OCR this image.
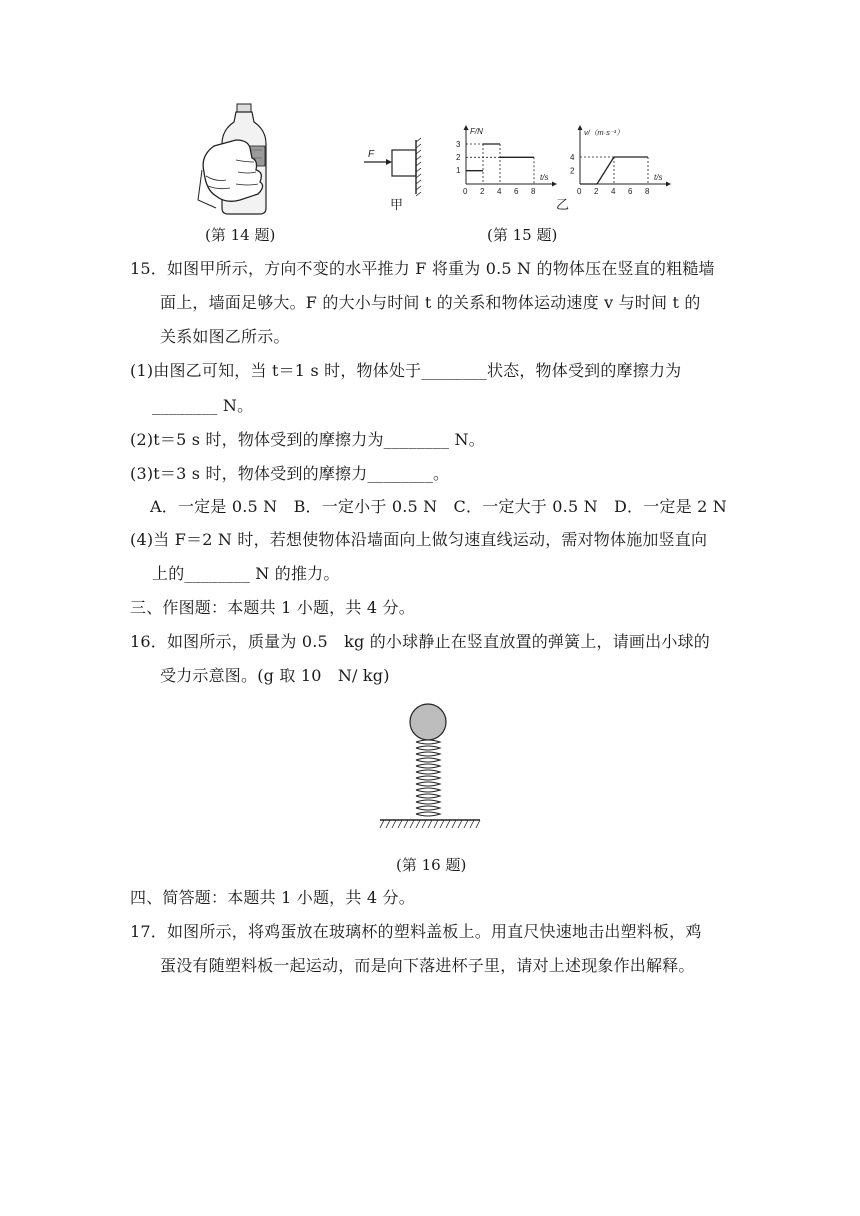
F
甲
F/N
t/s
3
2
1
0 2 4 6 8
v/（m·s⁻¹）
t/s
4
2
0 2 4 6 8
乙
(第 14 题)	(第 15 题)
15．如图甲所示，方向不变的水平推力 F 将重为 0.5 N 的物体压在竖直的粗糙墙
面上，墙面足够大。F 的大小与时间 t 的关系和物体运动速度 v 与时间 t 的
关系如图乙所示。
(1)由图乙可知，当 t＝1 s 时，物体处于________状态，物体受到的摩擦力为
________ N。
(2)t＝5 s 时，物体受到的摩擦力为________ N。
(3)t＝3 s 时，物体受到的摩擦力________。
A．一定是 0.5 N　B．一定小于 0.5 N　C．一定大于 0.5 N　D．一定是 2 N
(4)当 F＝2 N 时，若想使物体沿墙面向上做匀速直线运动，需对物体施加竖直向
上的________ N 的推力。
三、作图题：本题共 1 小题，共 4 分。
16．如图所示，质量为 0.5　kg 的小球静止在竖直放置的弹簧上，请画出小球的
受力示意图。(g 取 10　N/ kg)
(第 16 题)
四、简答题：本题共 1 小题，共 4 分。
17．如图所示，将鸡蛋放在玻璃杯的塑料盖板上。用直尺快速地击出塑料板，鸡
蛋没有随塑料板一起运动，而是向下落进杯子里，请对上述现象作出解释。
